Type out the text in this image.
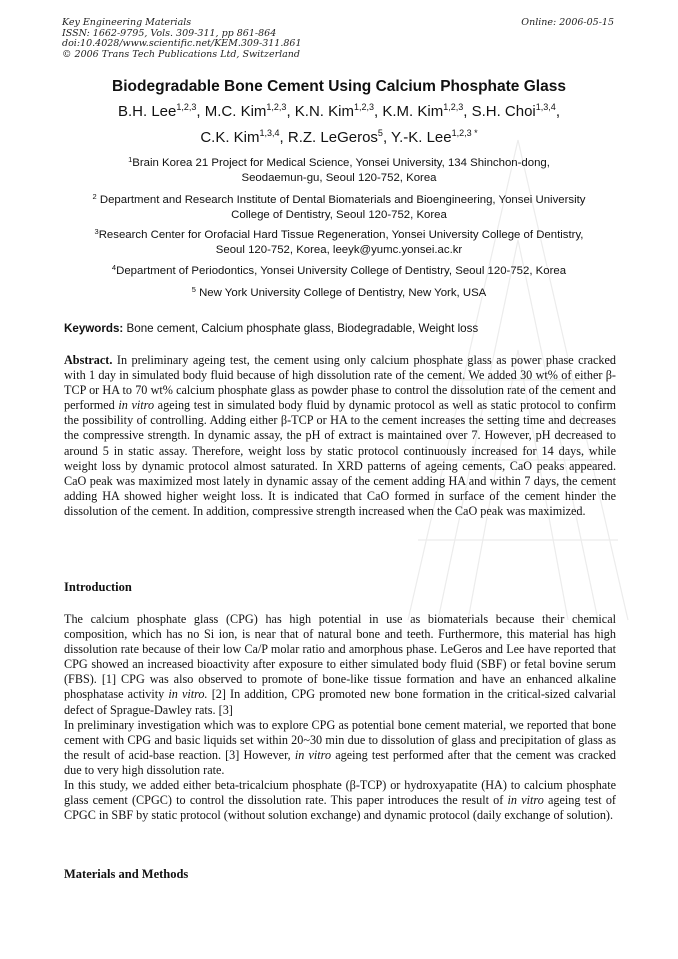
Key Engineering Materials
ISSN: 1662-9795, Vols. 309-311, pp 861-864
doi:10.4028/www.scientific.net/KEM.309-311.861
© 2006 Trans Tech Publications Ltd, Switzerland
Online: 2006-05-15
Biodegradable Bone Cement Using Calcium Phosphate Glass
B.H. Lee$^{1,2,3}$, M.C. Kim$^{1,2,3}$, K.N. Kim$^{1,2,3}$, K.M. Kim$^{1,2,3}$, S.H. Choi$^{1,3,4}$,
C.K. Kim$^{1,3,4}$, R.Z. LeGeros$^5$, Y.-K. Lee$^{1,2,3 *}$
$^1$Brain Korea 21 Project for Medical Science, Yonsei University, 134 Shinchon-dong,
Seodaemun-gu, Seoul 120-752, Korea
$^2$ Department and Research Institute of Dental Biomaterials and Bioengineering, Yonsei University
College of Dentistry, Seoul 120-752, Korea
$^3$Research Center for Orofacial Hard Tissue Regeneration, Yonsei University College of Dentistry,
Seoul 120-752, Korea, leeyk@yumc.yonsei.ac.kr
$^4$Department of Periodontics, Yonsei University College of Dentistry, Seoul 120-752, Korea
$^5$ New York University College of Dentistry, New York, USA
Keywords: Bone cement, Calcium phosphate glass, Biodegradable, Weight loss

Abstract. In preliminary ageing test, the cement using only calcium phosphate glass as power phase cracked with 1 day in simulated body fluid because of high dissolution rate of the cement. We added 30 wt% of either β-TCP or HA to 70 wt% calcium phosphate glass as powder phase to control the dissolution rate of the cement and performed in vitro ageing test in simulated body fluid by dynamic protocol as well as static protocol to confirm the possibility of controlling. Adding either β-TCP or HA to the cement increases the setting time and decreases the compressive strength. In dynamic assay, the pH of extract is maintained over 7. However, pH decreased to around 5 in static assay. Therefore, weight loss by static protocol continuously increased for 14 days, while weight loss by dynamic protocol almost saturated. In XRD patterns of ageing cements, CaO peaks appeared. CaO peak was maximized most lately in dynamic assay of the cement adding HA and within 7 days, the cement adding HA showed higher weight loss. It is indicated that CaO formed in surface of the cement hinder the dissolution of the cement. In addition, compressive strength increased when the CaO peak was maximized.

Introduction

The calcium phosphate glass (CPG) has high potential in use as biomaterials because their chemical composition, which has no Si ion, is near that of natural bone and teeth. Furthermore, this material has high dissolution rate because of their low Ca/P molar ratio and amorphous phase. LeGeros and Lee have reported that CPG showed an increased bioactivity after exposure to either simulated body fluid (SBF) or fetal bovine serum (FBS). [1] CPG was also observed to promote of bone-like tissue formation and have an enhanced alkaline phosphatase activity in vitro. [2] In addition, CPG promoted new bone formation in the critical-sized calvarial defect of Sprague-Dawley rats. [3]

In preliminary investigation which was to explore CPG as potential bone cement material, we reported that bone cement with CPG and basic liquids set within 20~30 min due to dissolution of glass and precipitation of glass as the result of acid-base reaction. [3] However, in vitro ageing test performed after that the cement was cracked due to very high dissolution rate.

In this study, we added either beta-tricalcium phosphate (β-TCP) or hydroxyapatite (HA) to calcium phosphate glass cement (CPGC) to control the dissolution rate. This paper introduces the result of in vitro ageing test of CPGC in SBF by static protocol (without solution exchange) and dynamic protocol (daily exchange of solution).

Materials and Methods
